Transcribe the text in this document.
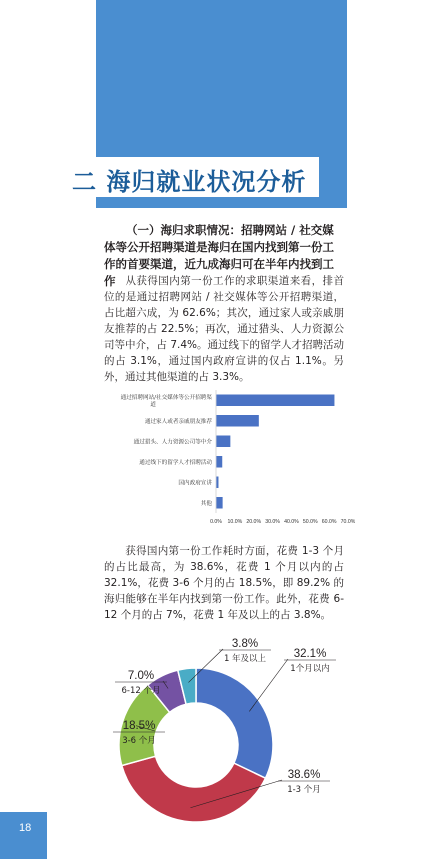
二 海归就业状况分析
（一）海归求职情况：招聘网站 / 社交媒体等公开招聘渠道是海归在国内找到第一份工作的首要渠道，近九成海归可在半年内找到工作 从获得国内第一份工作的求职渠道来看，排首位的是通过招聘网站 / 社交媒体等公开招聘渠道，占比超六成，为 62.6%；其次，通过家人或亲戚朋友推荐的占 22.5%；再次，通过猎头、人力资源公司等中介，占 7.4%。通过线下的留学人才招聘活动的占 3.1%，通过国内政府宣讲的仅占 1.1%。另外，通过其他渠道的占 3.3%。
通过招聘网站/社交媒体等公开招聘渠道
通过家人或者亲戚朋友推荐
通过猎头、人力资源公司等中介
通过线下的留学人才招聘活动
国内政府宣讲
其他
0.0% 10.0% 20.0% 30.0% 40.0% 50.0% 60.0% 70.0%
获得国内第一份工作耗时方面，花费 1-3 个月的占比最高，为 38.6%，花费 1 个月以内的占 32.1%，花费 3-6 个月的占 18.5%，即 89.2% 的海归能够在半年内找到第一份工作。此外，花费 6-12 个月的占 7%，花费 1 年及以上的占 3.8%。
32.1%
1个月以内
38.6%
1-3 个月
18.5%
3-6 个月
7.0%
6-12 个月
3.8%
1 年及以上
18
